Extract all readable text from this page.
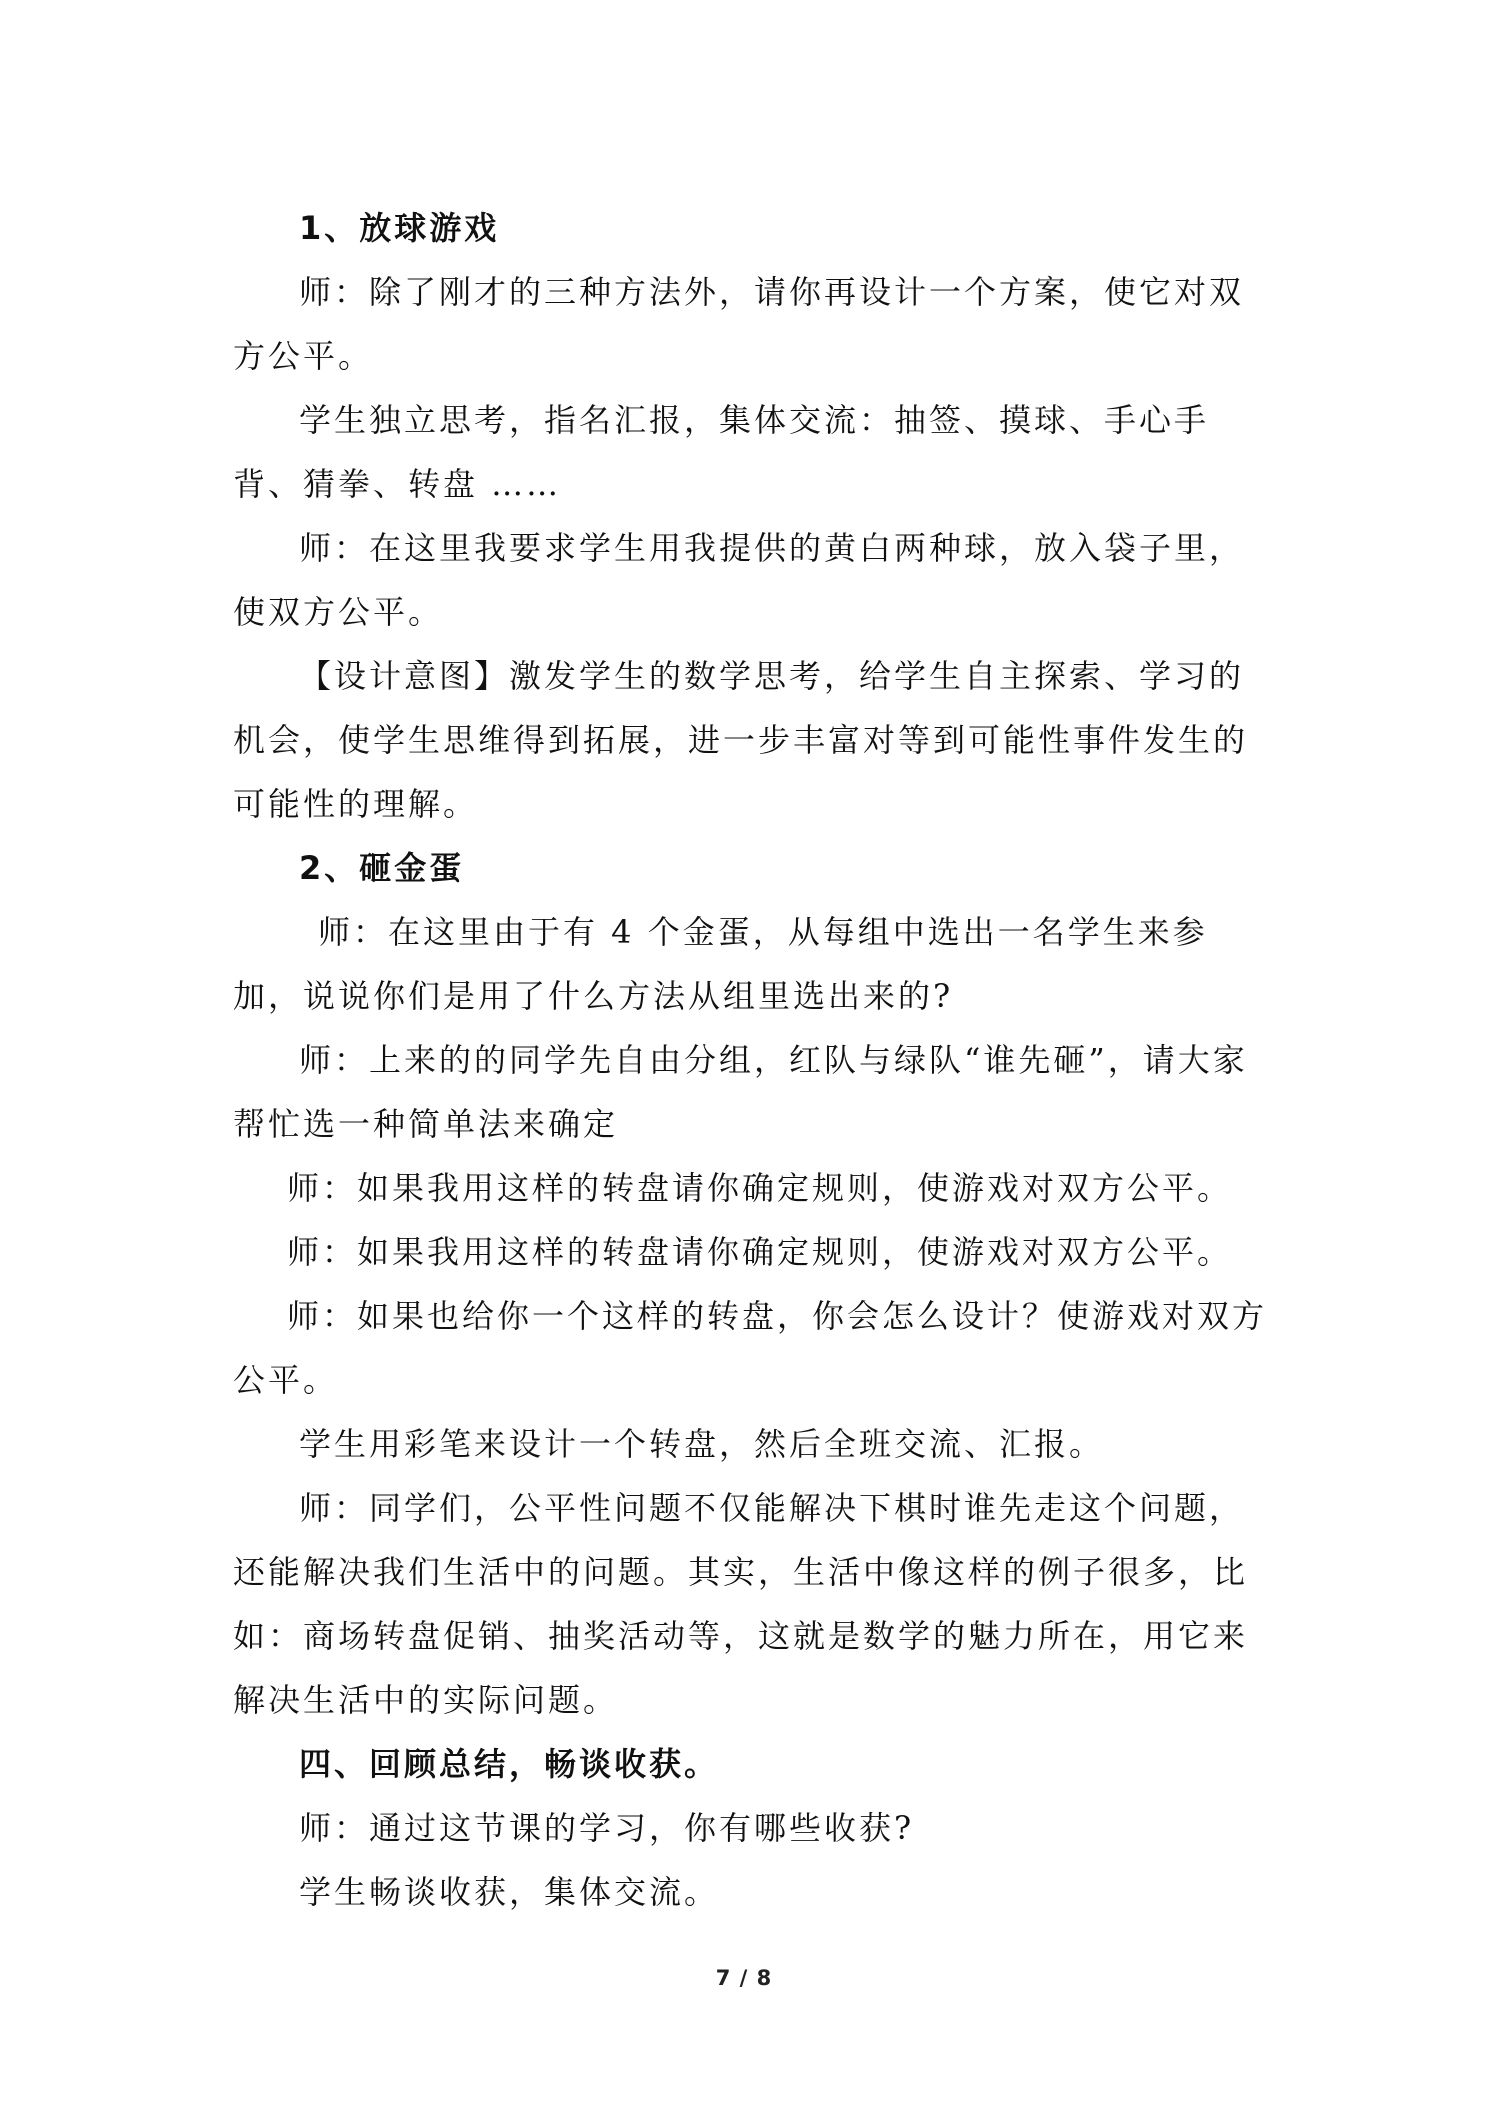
1、放球游戏

师：除了刚才的三种方法外，请你再设计一个方案，使它对双方公平。

学生独立思考，指名汇报，集体交流：抽签、摸球、手心手背、猜拳、转盘 ……

师：在这里我要求学生用我提供的黄白两种球，放入袋子里，使双方公平。

【设计意图】激发学生的数学思考，给学生自主探索、学习的机会，使学生思维得到拓展，进一步丰富对等到可能性事件发生的可能性的理解。

2、砸金蛋

师：在这里由于有 4 个金蛋，从每组中选出一名学生来参加，说说你们是用了什么方法从组里选出来的?

师：上来的的同学先自由分组，红队与绿队“谁先砸”，请大家帮忙选一种简单法来确定

师：如果我用这样的转盘请你确定规则，使游戏对双方公平。

师：如果我用这样的转盘请你确定规则，使游戏对双方公平。

师：如果也给你一个这样的转盘，你会怎么设计？使游戏对双方公平。

学生用彩笔来设计一个转盘，然后全班交流、汇报。

师：同学们，公平性问题不仅能解决下棋时谁先走这个问题，还能解决我们生活中的问题。其实，生活中像这样的例子很多，比如：商场转盘促销、抽奖活动等，这就是数学的魅力所在，用它来解决生活中的实际问题。

四、回顾总结，畅谈收获。

师：通过这节课的学习，你有哪些收获?

学生畅谈收获，集体交流。

7 / 8
